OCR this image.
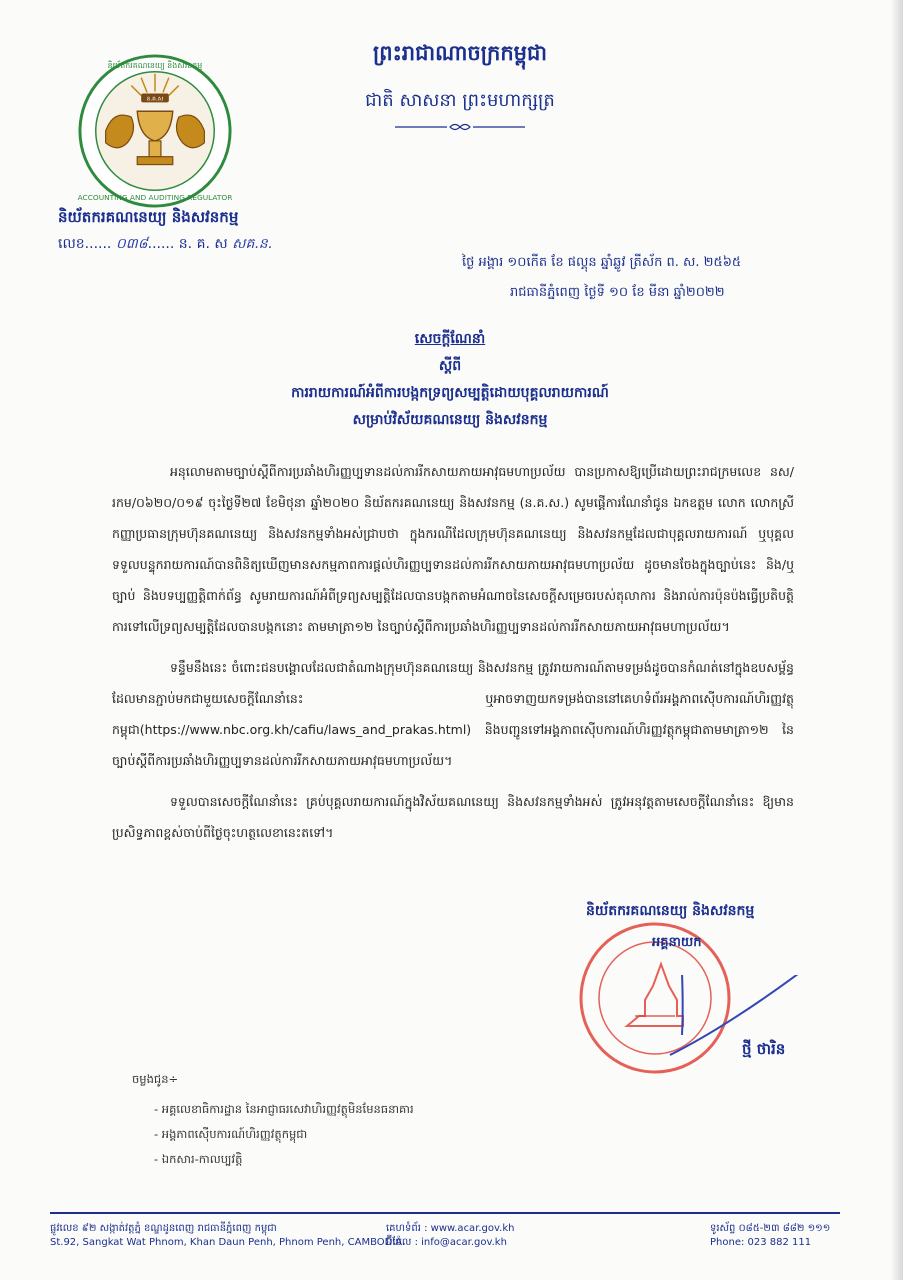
ACCOUNTING AND AUDITING REGULATOR
និយ័តករគណនេយ្យ និងសវនកម្ម
ន.គ.ស
និយ័តករគណនេយ្យ និងសវនកម្ម
លេខ...... ០៣៨...... ន. គ. ស សគ.ន.
ព្រះរាជាណាចក្រកម្ពុជា
ជាតិ សាសនា ព្រះមហាក្សត្រ
ថ្ងៃ អង្គារ ១០កើត ខែ ផល្គុន ឆ្នាំឆ្លូវ ត្រីស័ក ព. ស. ២៥៦៥
រាជធានីភ្នំពេញ ថ្ងៃទី ១០ ខែ មីនា ឆ្នាំ២០២២
សេចក្តីណែនាំ
ស្តីពី
ការរាយការណ៍អំពីការបង្កកទ្រព្យសម្បត្តិដោយបុគ្គលរាយការណ៍
សម្រាប់វិស័យគណនេយ្យ និងសវនកម្ម

អនុលោមតាមច្បាប់ស្តីពីការប្រឆាំងហិរញ្ញប្បទានដល់ការរីកសាយភាយអាវុធមហាប្រល័យ បានប្រកាសឱ្យប្រើដោយព្រះរាជក្រមលេខ នស/រកម/០៦២០/០១៩ ចុះថ្ងៃទី២៧ ខែមិថុនា ឆ្នាំ២០២០ និយ័តករគណនេយ្យ និងសវនកម្ម (ន.គ.ស.) សូមផ្តើការណែនាំជូន ឯកឧត្តម លោក លោកស្រី កញ្ញាប្រធានក្រុមហ៊ុនគណនេយ្យ និងសវនកម្មទាំងអស់ជ្រាបថា ក្នុងករណីដែលក្រុមហ៊ុនគណនេយ្យ និងសវនកម្មដែលជាបុគ្គលរាយការណ៍ ឬបុគ្គលទទួលបន្ទុករាយការណ៍បានពិនិត្យឃើញមានសកម្មភាពការផ្តល់ហិរញ្ញប្បទានដល់ការរីកសាយភាយអាវុធមហាប្រល័យ ដូចមានចែងក្នុងច្បាប់នេះ និង/ឬច្បាប់ និងបទប្បញ្ញត្តិពាក់ព័ន្ធ សូមរាយការណ៍អំពីទ្រព្យសម្បត្តិដែលបានបង្កកតាមអំណាចនៃសេចក្តីសម្រេចរបស់តុលាការ និងរាល់ការប៉ុនប៉ងធ្វើប្រតិបត្តិការទៅលើទ្រព្យសម្បត្តិដែលបានបង្កកនោះ តាមមាត្រា១២ នៃច្បាប់ស្តីពីការប្រឆាំងហិរញ្ញប្បទានដល់ការរីកសាយភាយអាវុធមហាប្រល័យ។

ទន្ទឹមនឹងនេះ ចំពោះជនបង្គោលដែលជាតំណាងក្រុមហ៊ុនគណនេយ្យ និងសវនកម្ម ត្រូវរាយការណ៍តាមទម្រង់ដូចបានកំណត់នៅក្នុងឧបសម្ព័ន្ធដែលមានភ្ជាប់មកជាមួយសេចក្តីណែនាំនេះ ឬអាចទាញយកទម្រង់បាននៅគេហទំព័រអង្គភាពស៊ើបការណ៍ហិរញ្ញវត្ថុកម្ពុជា(https://www.nbc.org.kh/cafiu/laws_and_prakas.html) និងបញ្ជូនទៅអង្គភាពស៊ើបការណ៍ហិរញ្ញវត្ថុកម្ពុជាតាមមាត្រា១២ នៃច្បាប់ស្តីពីការប្រឆាំងហិរញ្ញប្បទានដល់ការរីកសាយភាយអាវុធមហាប្រល័យ។

ទទួលបានសេចក្តីណែនាំនេះ គ្រប់បុគ្គលរាយការណ៍ក្នុងវិស័យគណនេយ្យ និងសវនកម្មទាំងអស់ ត្រូវអនុវត្តតាមសេចក្តីណែនាំនេះ ឱ្យមានប្រសិទ្ធភាពខ្ពស់ចាប់ពីថ្ងៃចុះហត្ថលេខានេះតទៅ។

និយ័តករគណនេយ្យ និងសវនកម្ម
អគ្គនាយក
ថ្មី ថារិន
ចម្លងជូន÷
- អគ្គលេខាធិការដ្ឋាន នៃអាជ្ញាធរសេវាហិរញ្ញវត្ថុមិនមែនធនាគារ
- អង្គភាពស៊ើបការណ៍ហិរញ្ញវត្ថុកម្ពុជា
- ឯកសារ-កាលប្បវត្តិ
ផ្លូវលេខ ៩២ សង្កាត់វត្តភ្នំ ខណ្ឌដូនពេញ រាជធានីភ្នំពេញ កម្ពុជា
St.92, Sangkat Wat Phnom, Khan Daun Penh, Phnom Penh, CAMBODIA.
គេហទំព័រ : www.acar.gov.kh
អ៊ីម៉ែល : info@acar.gov.kh
ទូរស័ព្ទ ០៨៥-២៣ ៨៨២ ១១១
Phone: 023 882 111
